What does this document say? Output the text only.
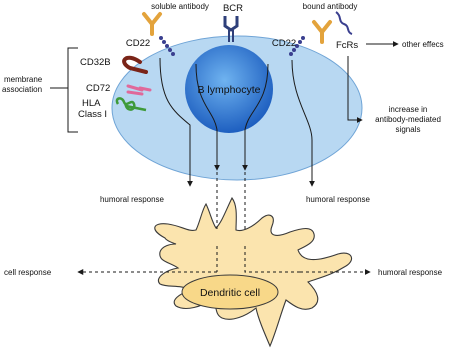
B lymphocyte
Dendritic cell
soluble antibody BCR	bound antibody
CD22	CD22
CD32B
CD72
HLA
Class I
membrane
association
FcRs	other effecs
increase in
antibody-mediated
signals
humoral response	humoral response
cell response	humoral response
